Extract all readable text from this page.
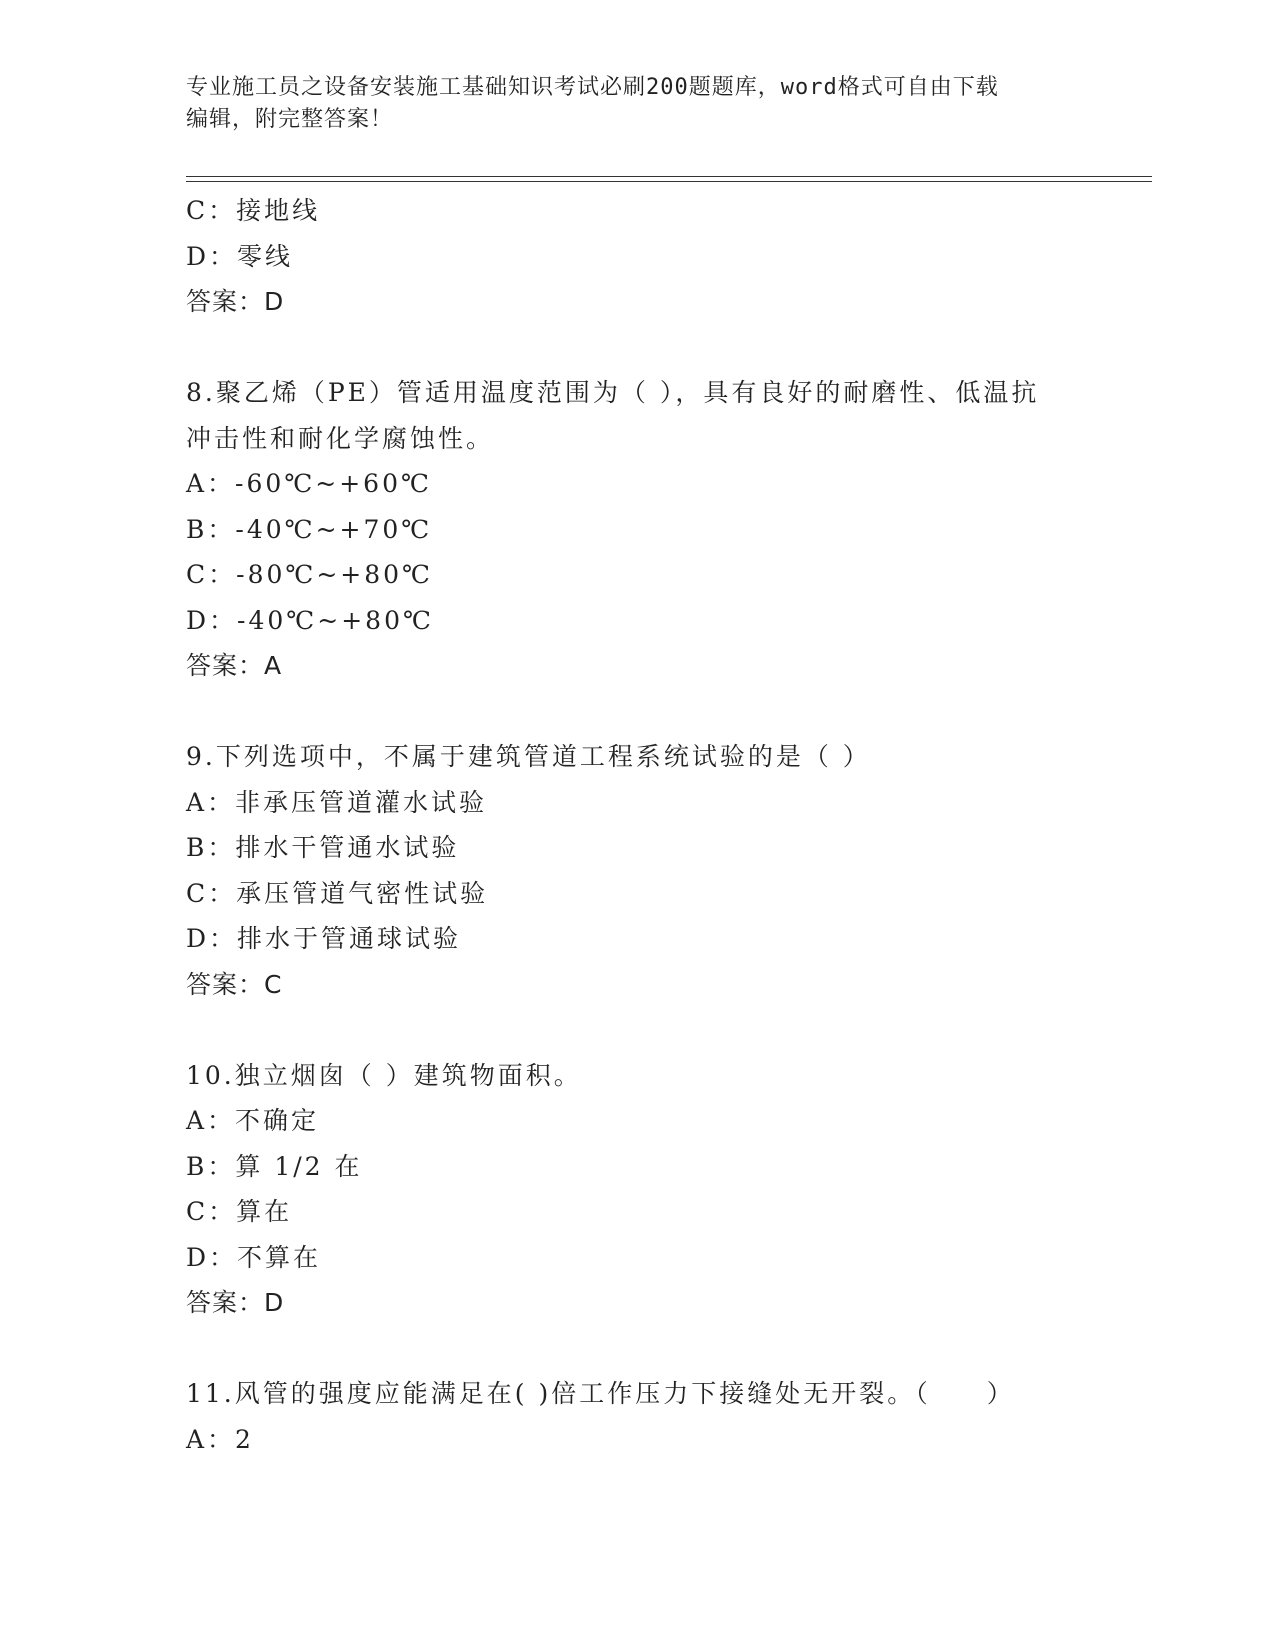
专业施工员之设备安装施工基础知识考试必刷200题题库，word格式可自由下载
编辑，附完整答案！
C：接地线
D：零线
答案：D
8.聚乙烯（PE）管适用温度范围为（ ），具有良好的耐磨性、低温抗
冲击性和耐化学腐蚀性。
A：-60℃~+60℃
B：-40℃~+70℃
C：-80℃~+80℃
D：-40℃~+80℃
答案：A
9.下列选项中，不属于建筑管道工程系统试验的是（ ）
A：非承压管道灌水试验
B：排水干管通水试验
C：承压管道气密性试验
D：排水于管通球试验
答案：C
10.独立烟囱（ ）建筑物面积。
A：不确定
B：算 1/2 在
C：算在
D：不算在
答案：D
11.风管的强度应能满足在( )倍工作压力下接缝处无开裂。（　　）
A：2
